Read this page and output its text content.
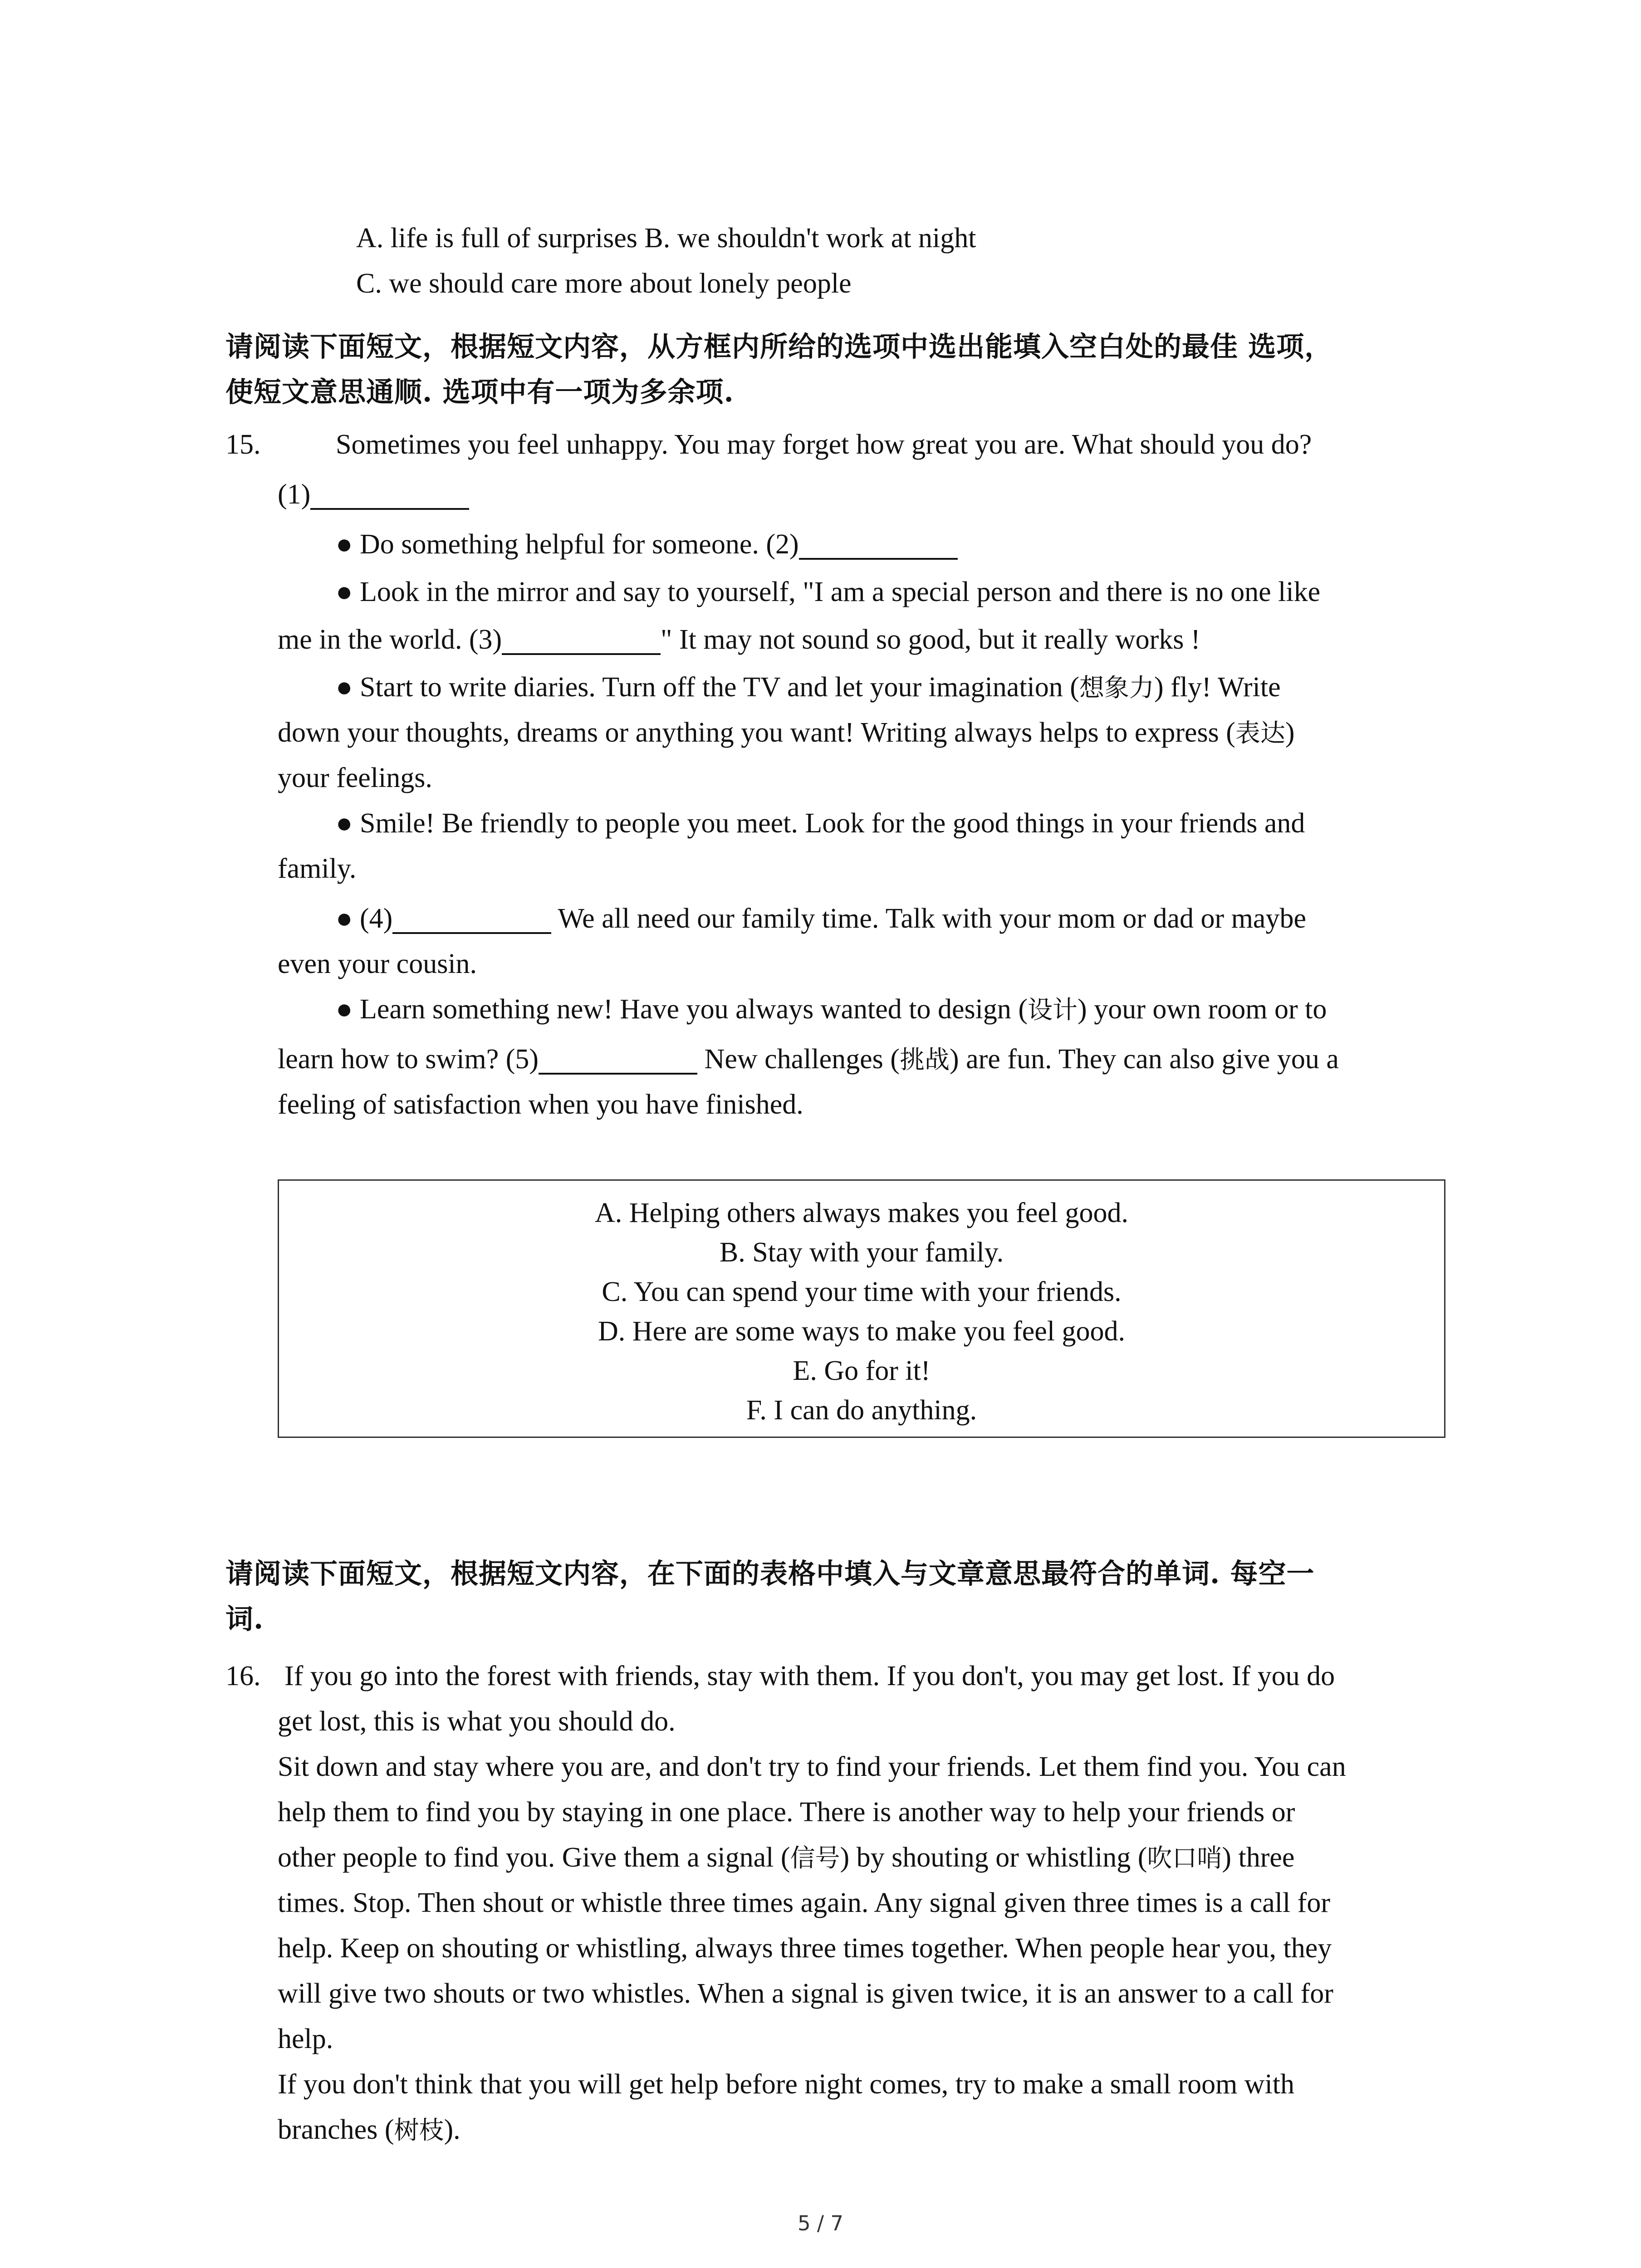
A. life is full of surprises B. we shouldn't work at night
C. we should care more about lonely people
请阅读下面短文，根据短文内容，从方框内所给的选项中选出能填入空白处的最佳 选项，
使短文意思通顺. 选项中有一项为多余项.
15.	Sometimes you feel unhappy. You may forget how great you are. What should you do?
(1)
● Do something helpful for someone. (2)
● Look in the mirror and say to yourself, "I am a special person and there is no one like
me in the world. (3)	" It may not sound so good, but it really works !
● Start to write diaries. Turn off the TV and let your imagination (想象力) fly! Write
down your thoughts, dreams or anything you want! Writing always helps to express (表达)
your feelings.
● Smile! Be friendly to people you meet. Look for the good things in your friends and
family.
● (4)	We all need our family time. Talk with your mom or dad or maybe
even your cousin.
● Learn something new! Have you always wanted to design (设计) your own room or to
learn how to swim? (5)	New challenges (挑战) are fun. They can also give you a
feeling of satisfaction when you have finished.
A. Helping others always makes you feel good.
B. Stay with your family.
C. You can spend your time with your friends.
D. Here are some ways to make you feel good.
E. Go for it!
F. I can do anything.
请阅读下面短文，根据短文内容，在下面的表格中填入与文章意思最符合的单词. 每空一
词.
16. If you go into the forest with friends, stay with them. If you don't, you may get lost. If you do
get lost, this is what you should do.
Sit down and stay where you are, and don't try to find your friends. Let them find you. You can
help them to find you by staying in one place. There is another way to help your friends or
other people to find you. Give them a signal (信号) by shouting or whistling (吹口哨) three
times. Stop. Then shout or whistle three times again. Any signal given three times is a call for
help. Keep on shouting or whistling, always three times together. When people hear you, they
will give two shouts or two whistles. When a signal is given twice, it is an answer to a call for
help.
If you don't think that you will get help before night comes, try to make a small room with
branches (树枝).
5 / 7
